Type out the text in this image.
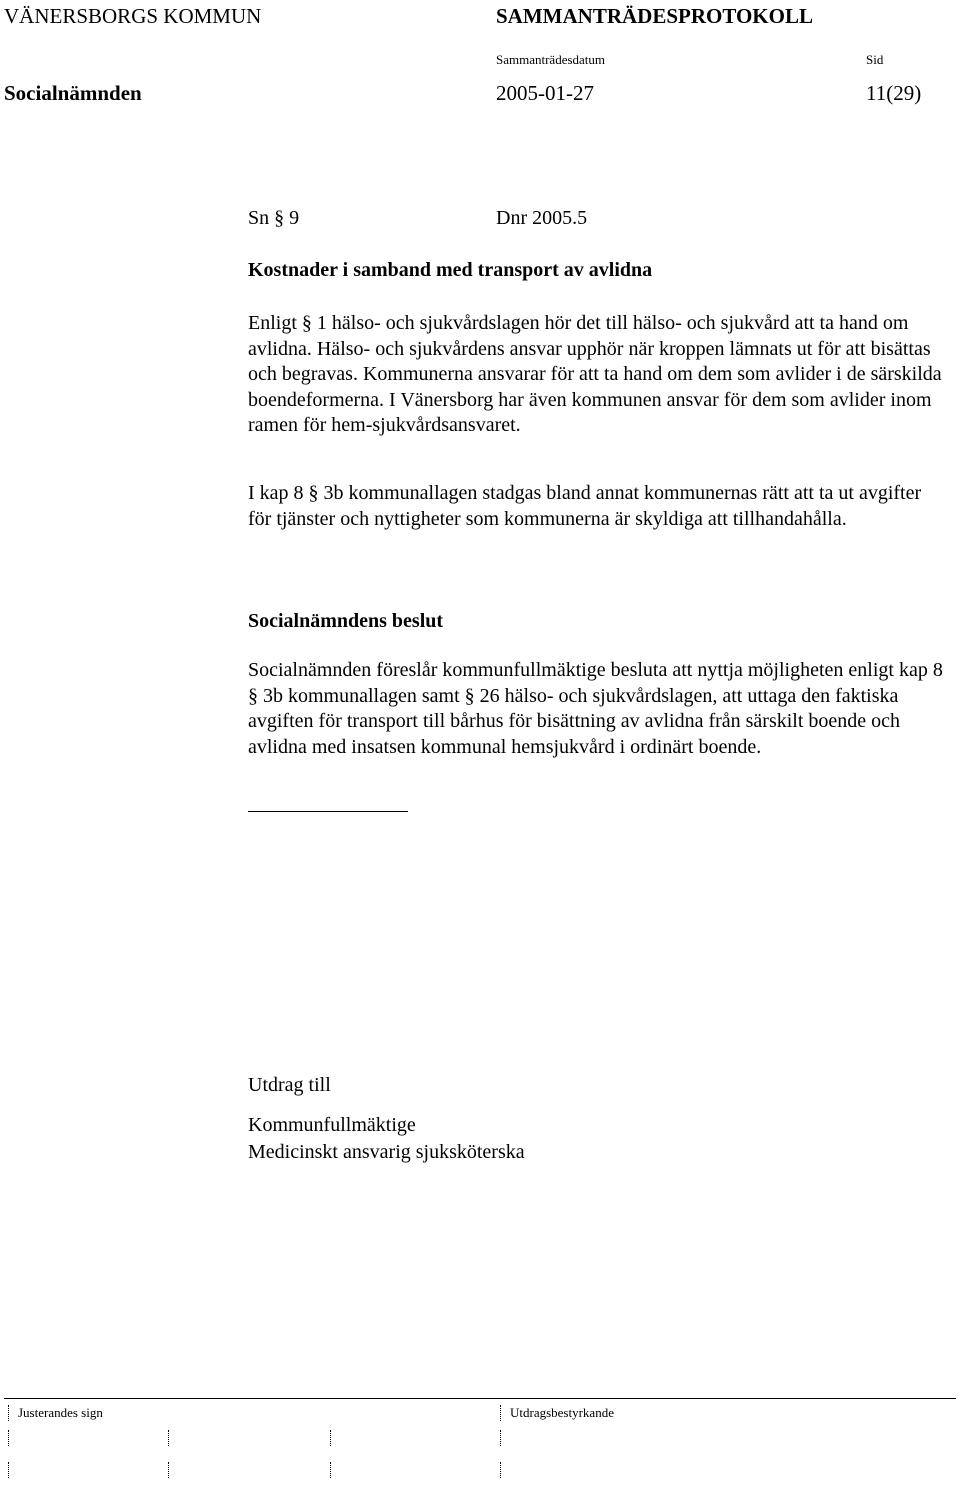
VÄNERSBORGS KOMMUN	SAMMANTRÄDESPROTOKOLL
Sammanträdesdatum	Sid
Socialnämnden	2005-01-27	11(29)
Sn § 9	Dnr 2005.5
Kostnader i samband med transport av avlidna
Enligt § 1 hälso- och sjukvårdslagen hör det till hälso- och sjukvård att ta hand om avlidna. Hälso- och sjukvårdens ansvar upphör när kroppen lämnats ut för att bisättas och begravas. Kommunerna ansvarar för att ta hand om dem som avlider i de särskilda boendeformerna. I Vänersborg har även kommunen ansvar för dem som avlider inom ramen för hem-sjukvårdsansvaret.
I kap 8 § 3b kommunallagen stadgas bland annat kommunernas rätt att ta ut avgifter för tjänster och nyttigheter som kommunerna är skyldiga att tillhandahålla.
Socialnämndens beslut
Socialnämnden föreslår kommunfullmäktige besluta att nyttja möjligheten enligt kap 8 § 3b kommunallagen samt § 26 hälso- och sjukvårdslagen, att uttaga den faktiska avgiften för transport till bårhus för bisättning av avlidna från särskilt boende och avlidna med insatsen kommunal hemsjukvård i ordinärt boende.
Utdrag till
Kommunfullmäktige
Medicinskt ansvarig sjuksköterska
Justerandes sign	Utdragsbestyrkande
